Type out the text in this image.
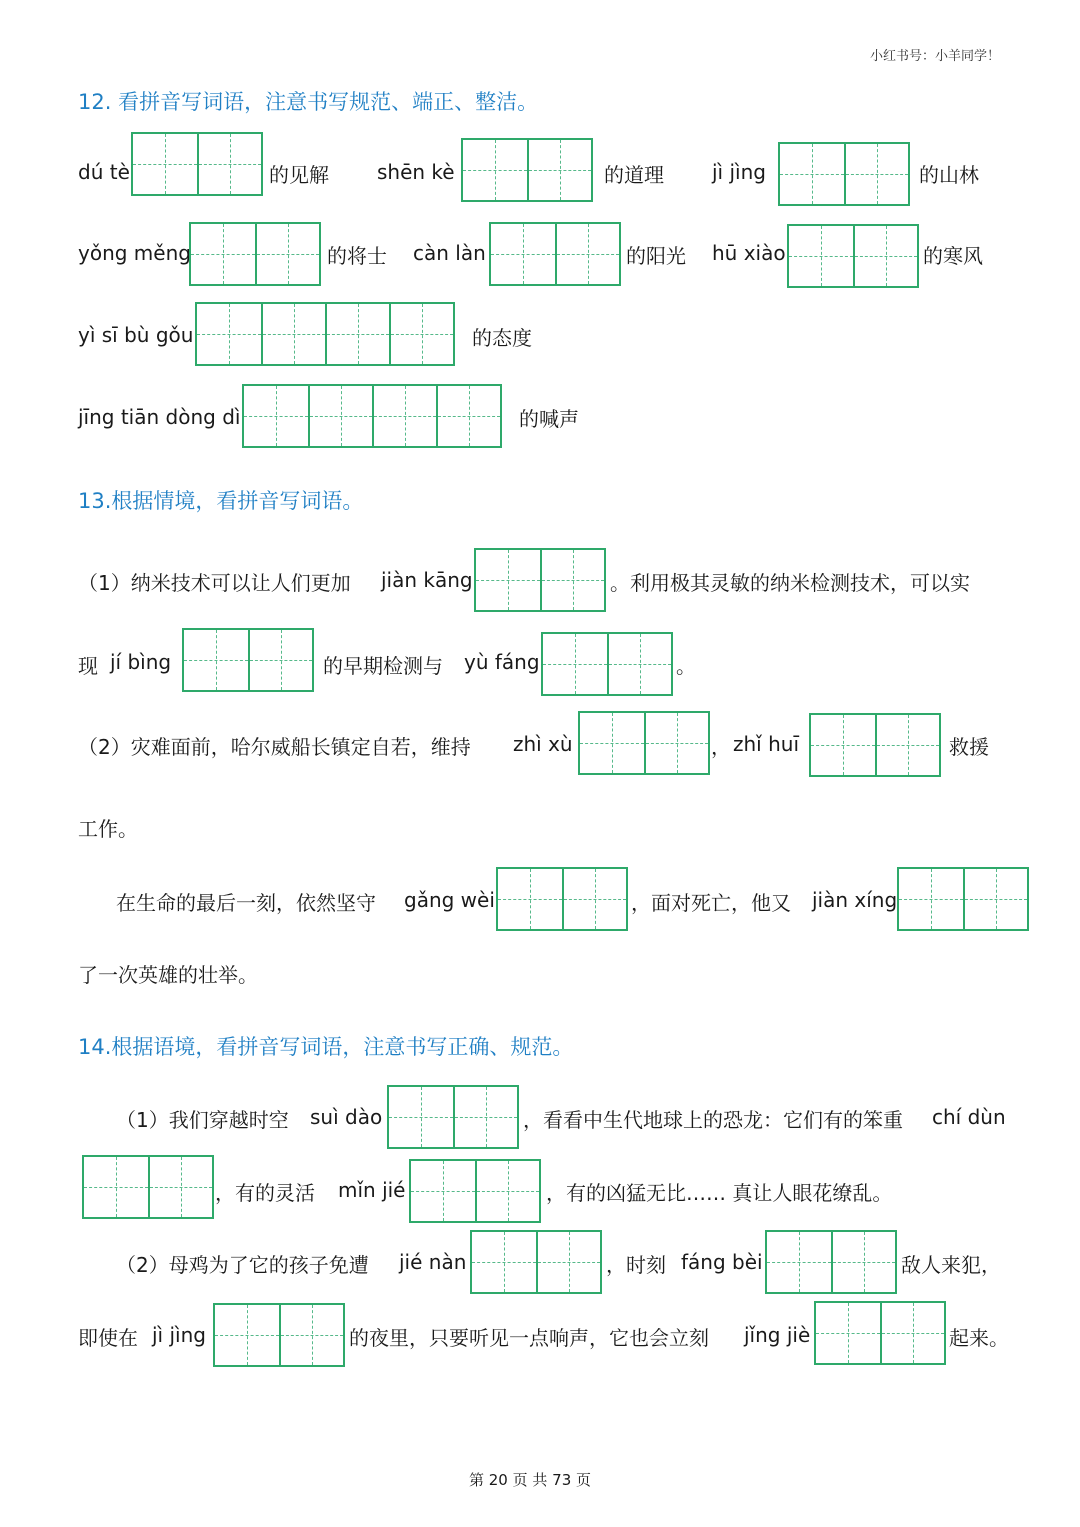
小红书号：小羊同学！
12. 看拼音写词语，注意书写规范、端正、整洁。
dú tè	的见解 shēn kè	的道理 jì jìng	的山林
yǒng měng	的将士 càn làn	的阳光 hū xiào	的寒风
yì sī bù gǒu	的态度
jīng tiān dòng dì	的喊声
13.根据情境，看拼音写词语。
（1）纳米技术可以让人们更加 jiàn kāng	。利用极其灵敏的纳米检测技术，可以实
现 jí bìng	的早期检测与 yù fáng	。
（2）灾难面前，哈尔威船长镇定自若，维持 zhì xù	， zhǐ huī	救援
工作。
在生命的最后一刻，依然坚守 gǎng wèi	，面对死亡，他又 jiàn xíng
了一次英雄的壮举。
14.根据语境，看拼音写词语，注意书写正确、规范。
（1）我们穿越时空 suì dào	，看看中生代地球上的恐龙：它们有的笨重 chí dùn
，有的灵活 mǐn jié	，有的凶猛无比…… 真让人眼花缭乱。
（2）母鸡为了它的孩子免遭 jié nàn	，时刻 fáng bèi	敌人来犯，
即使在 jì jìng	的夜里，只要听见一点响声，它也会立刻 jǐng jiè	起来。
第 20 页 共 73 页
